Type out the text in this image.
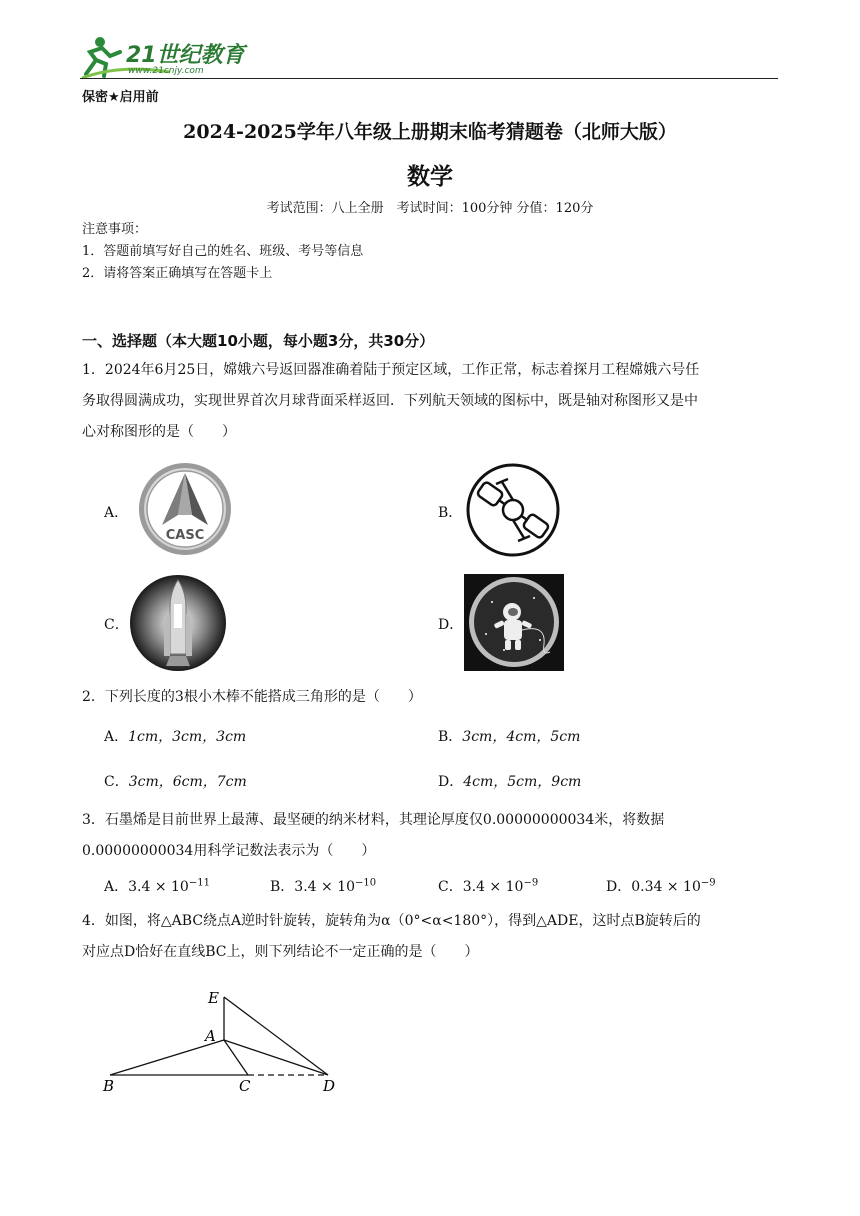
21世纪教育
www.21cnjy.com
保密★启用前
2024-2025学年八年级上册期末临考猜题卷（北师大版）
数学
考试范围：八上全册　考试时间：100分钟 分值：120分
注意事项：
1．答题前填写好自己的姓名、班级、考号等信息
2．请将答案正确填写在答题卡上
一、选择题（本大题10小题，每小题3分，共30分）
1．2024年6月25日，嫦娥六号返回器准确着陆于预定区域，工作正常，标志着探月工程嫦娥六号任
务取得圆满成功，实现世界首次月球背面采样返回．下列航天领域的图标中，既是轴对称图形又是中
心对称图形的是（　　）
A．
CASC
B．
C．	D．
2．下列长度的3根小木棒不能搭成三角形的是（　　）
A．1cm，3cm，3cm	B．3cm，4cm，5cm
C．3cm，6cm，7cm	D．4cm，5cm，9cm
3．石墨烯是目前世界上最薄、最坚硬的纳米材料，其理论厚度仅0.00000000034米，将数据
0.00000000034用科学记数法表示为（　　）
A．$3.4 \times 10^{-11}$	B．$3.4 \times 10^{-10}$	C．$3.4 \times 10^{-9}$	D．$0.34 \times 10^{-9}$
4．如图，将△ABC绕点A逆时针旋转，旋转角为α（0°<α<180°），得到△ADE，这时点B旋转后的
对应点D恰好在直线BC上，则下列结论不一定正确的是（　　）
E
A
B	C	D
